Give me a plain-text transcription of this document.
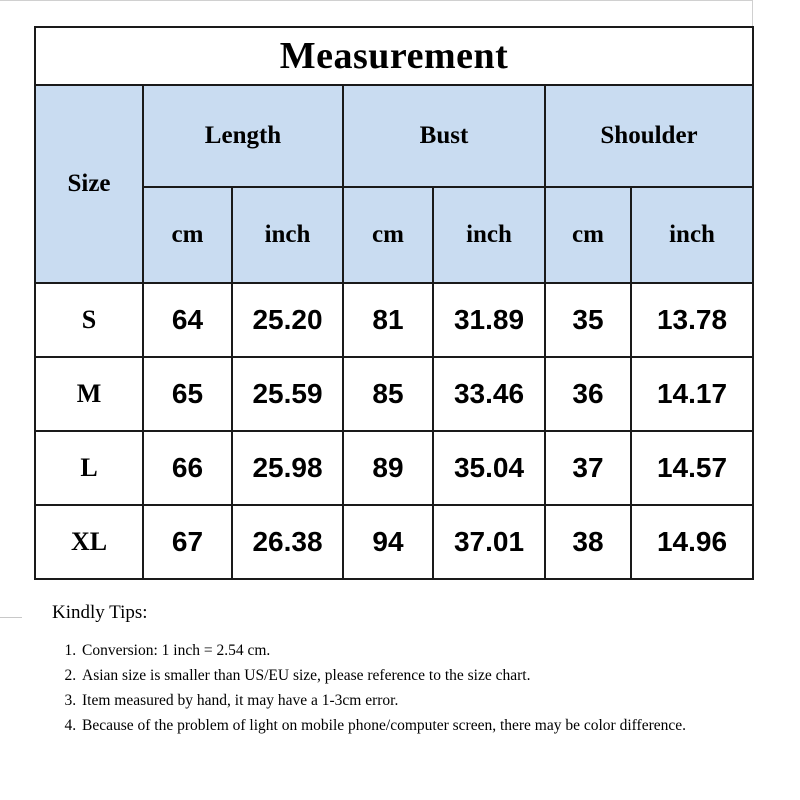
Measurement						
Size	Length		Bust		Shoulder	
	cm	inch	cm	inch	cm	inch
S	64	25.20	81	31.89	35	13.78
M	65	25.59	85	33.46	36	14.17
L	66	25.98	89	35.04	37	14.57
XL	67	26.38	94	37.01	38	14.96

Kindly Tips:

1. Conversion: 1 inch = 2.54 cm.
2. Asian size is smaller than US/EU size, please reference to the size chart.
3. Item measured by hand, it may have a 1-3cm error.
4. Because of the problem of light on mobile phone/computer screen, there may be color difference.
